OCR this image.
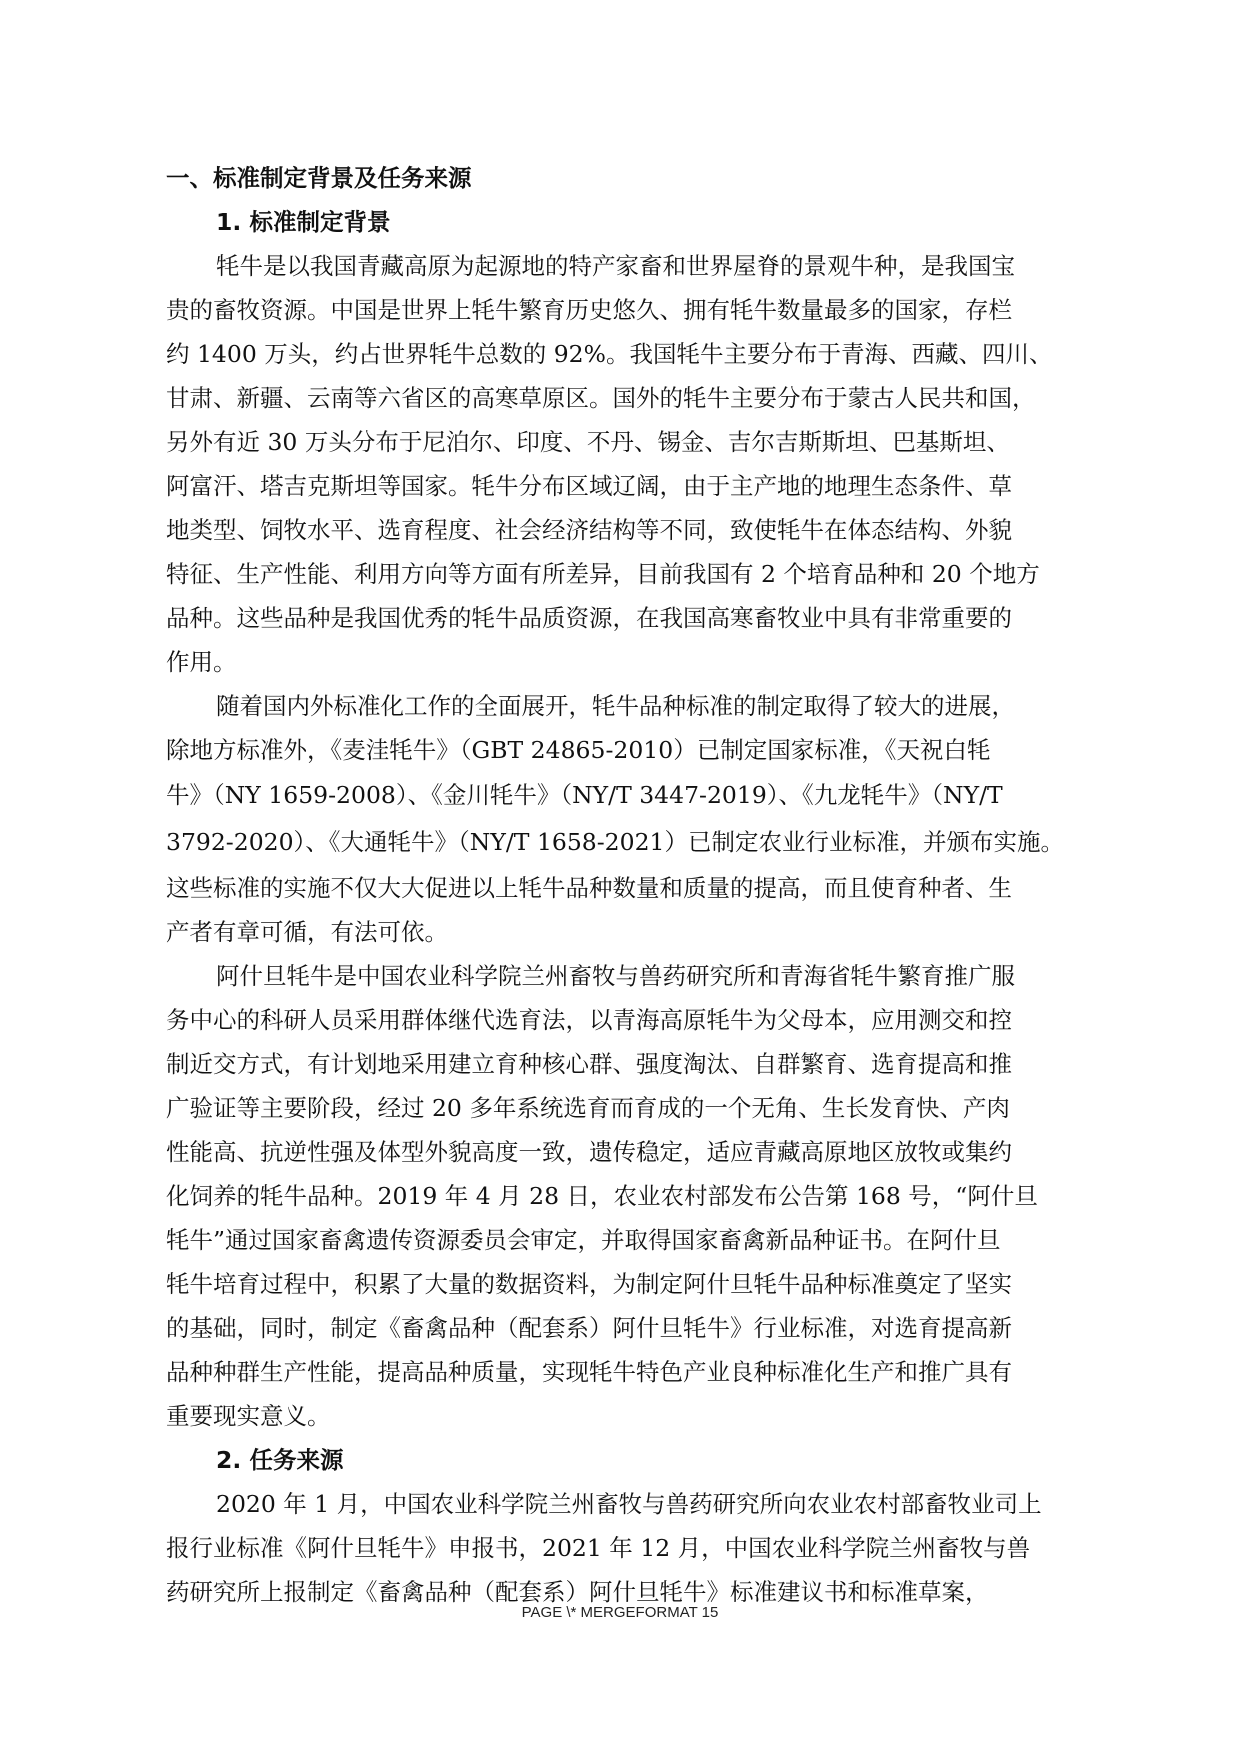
一、标准制定背景及任务来源
1. 标准制定背景
牦牛是以我国青藏高原为起源地的特产家畜和世界屋脊的景观牛种，是我国宝
贵的畜牧资源。中国是世界上牦牛繁育历史悠久、拥有牦牛数量最多的国家，存栏
约 1400 万头，约占世界牦牛总数的 92%。我国牦牛主要分布于青海、西藏、四川、
甘肃、新疆、云南等六省区的高寒草原区。国外的牦牛主要分布于蒙古人民共和国，
另外有近 30 万头分布于尼泊尔、印度、不丹、锡金、吉尔吉斯斯坦、巴基斯坦、
阿富汗、塔吉克斯坦等国家。牦牛分布区域辽阔，由于主产地的地理生态条件、草
地类型、饲牧水平、选育程度、社会经济结构等不同，致使牦牛在体态结构、外貌
特征、生产性能、利用方向等方面有所差异，目前我国有 2 个培育品种和 20 个地方
品种。这些品种是我国优秀的牦牛品质资源，在我国高寒畜牧业中具有非常重要的
作用。
随着国内外标准化工作的全面展开，牦牛品种标准的制定取得了较大的进展，
除地方标准外，《麦洼牦牛》（GBT 24865-2010）已制定国家标准，《天祝白牦
牛》（NY 1659-2008）、《金川牦牛》（NY/T 3447-2019）、《九龙牦牛》（NY/T
3792-2020）、《大通牦牛》（NY/T 1658-2021）已制定农业行业标准，并颁布实施。
这些标准的实施不仅大大促进以上牦牛品种数量和质量的提高，而且使育种者、生
产者有章可循，有法可依。
阿什旦牦牛是中国农业科学院兰州畜牧与兽药研究所和青海省牦牛繁育推广服
务中心的科研人员采用群体继代选育法，以青海高原牦牛为父母本，应用测交和控
制近交方式，有计划地采用建立育种核心群、强度淘汰、自群繁育、选育提高和推
广验证等主要阶段，经过 20 多年系统选育而育成的一个无角、生长发育快、产肉
性能高、抗逆性强及体型外貌高度一致，遗传稳定，适应青藏高原地区放牧或集约
化饲养的牦牛品种。2019 年 4 月 28 日，农业农村部发布公告第 168 号，“阿什旦
牦牛”通过国家畜禽遗传资源委员会审定，并取得国家畜禽新品种证书。在阿什旦
牦牛培育过程中，积累了大量的数据资料，为制定阿什旦牦牛品种标准奠定了坚实
的基础，同时，制定《畜禽品种（配套系）阿什旦牦牛》行业标准，对选育提高新
品种种群生产性能，提高品种质量，实现牦牛特色产业良种标准化生产和推广具有
重要现实意义。
2. 任务来源
2020 年 1 月，中国农业科学院兰州畜牧与兽药研究所向农业农村部畜牧业司上
报行业标准《阿什旦牦牛》申报书，2021 年 12 月，中国农业科学院兰州畜牧与兽
药研究所上报制定《畜禽品种（配套系）阿什旦牦牛》标准建议书和标准草案，
PAGE \* MERGEFORMAT 15
